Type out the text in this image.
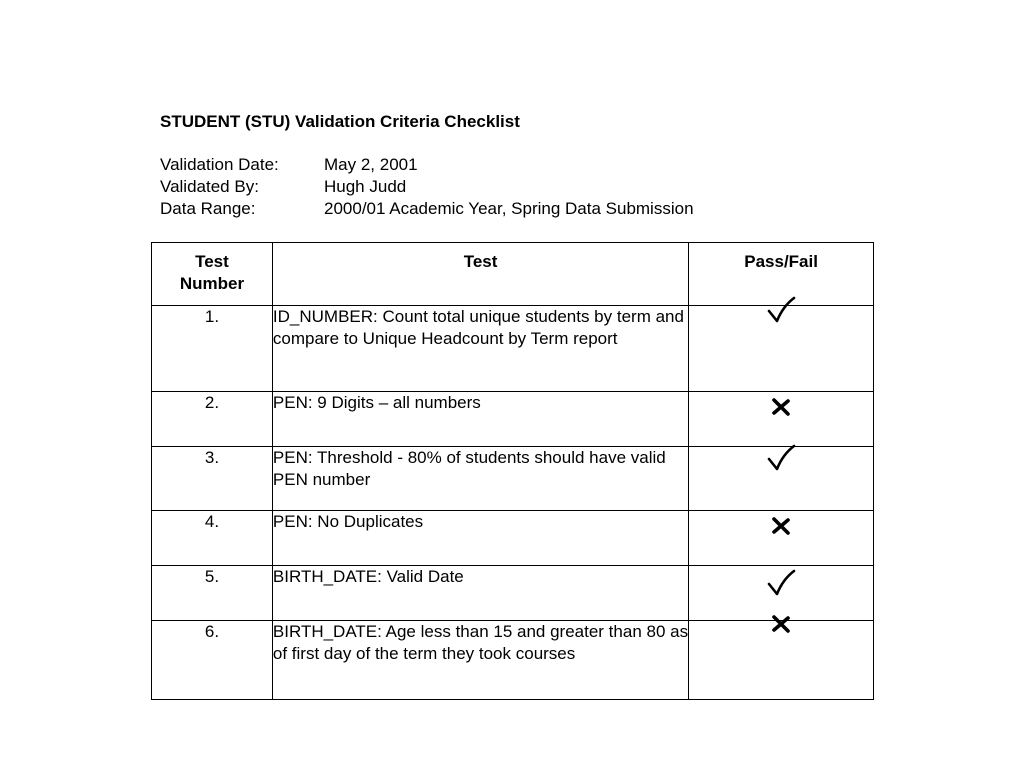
STUDENT (STU) Validation Criteria Checklist
Validation Date:	May 2, 2001
Validated By:	Hugh Judd
Data Range:	2000/01 Academic Year, Spring Data Submission
Test Number	Test	Pass/Fail
1.	ID_NUMBER: Count total unique students by term and compare to Unique Headcount by Term report	
2.	PEN: 9 Digits – all numbers	
3.	PEN: Threshold - 80% of students should have valid PEN number	
4.	PEN: No Duplicates	
5.	BIRTH_DATE: Valid Date	
6.	BIRTH_DATE: Age less than 15 and greater than 80 as of first day of the term they took courses	
